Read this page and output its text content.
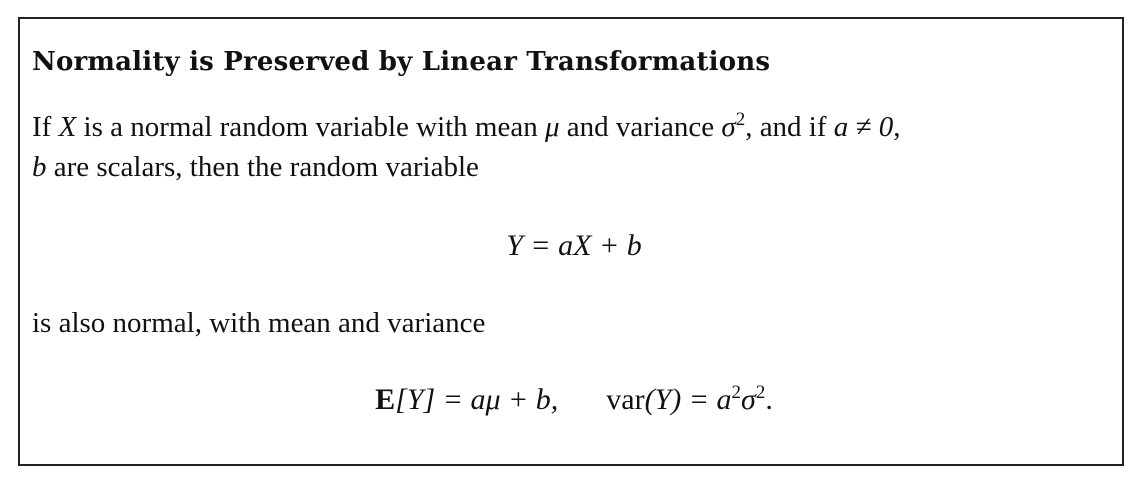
Normality is Preserved by Linear Transformations

If X is a normal random variable with mean μ and variance $\sigma^2$, and if a ≠ 0,

b are scalars, then the random variable

Y = aX + b

is also normal, with mean and variance

E[Y] = aμ + b, $var(Y) = a^2\sigma^2$.
